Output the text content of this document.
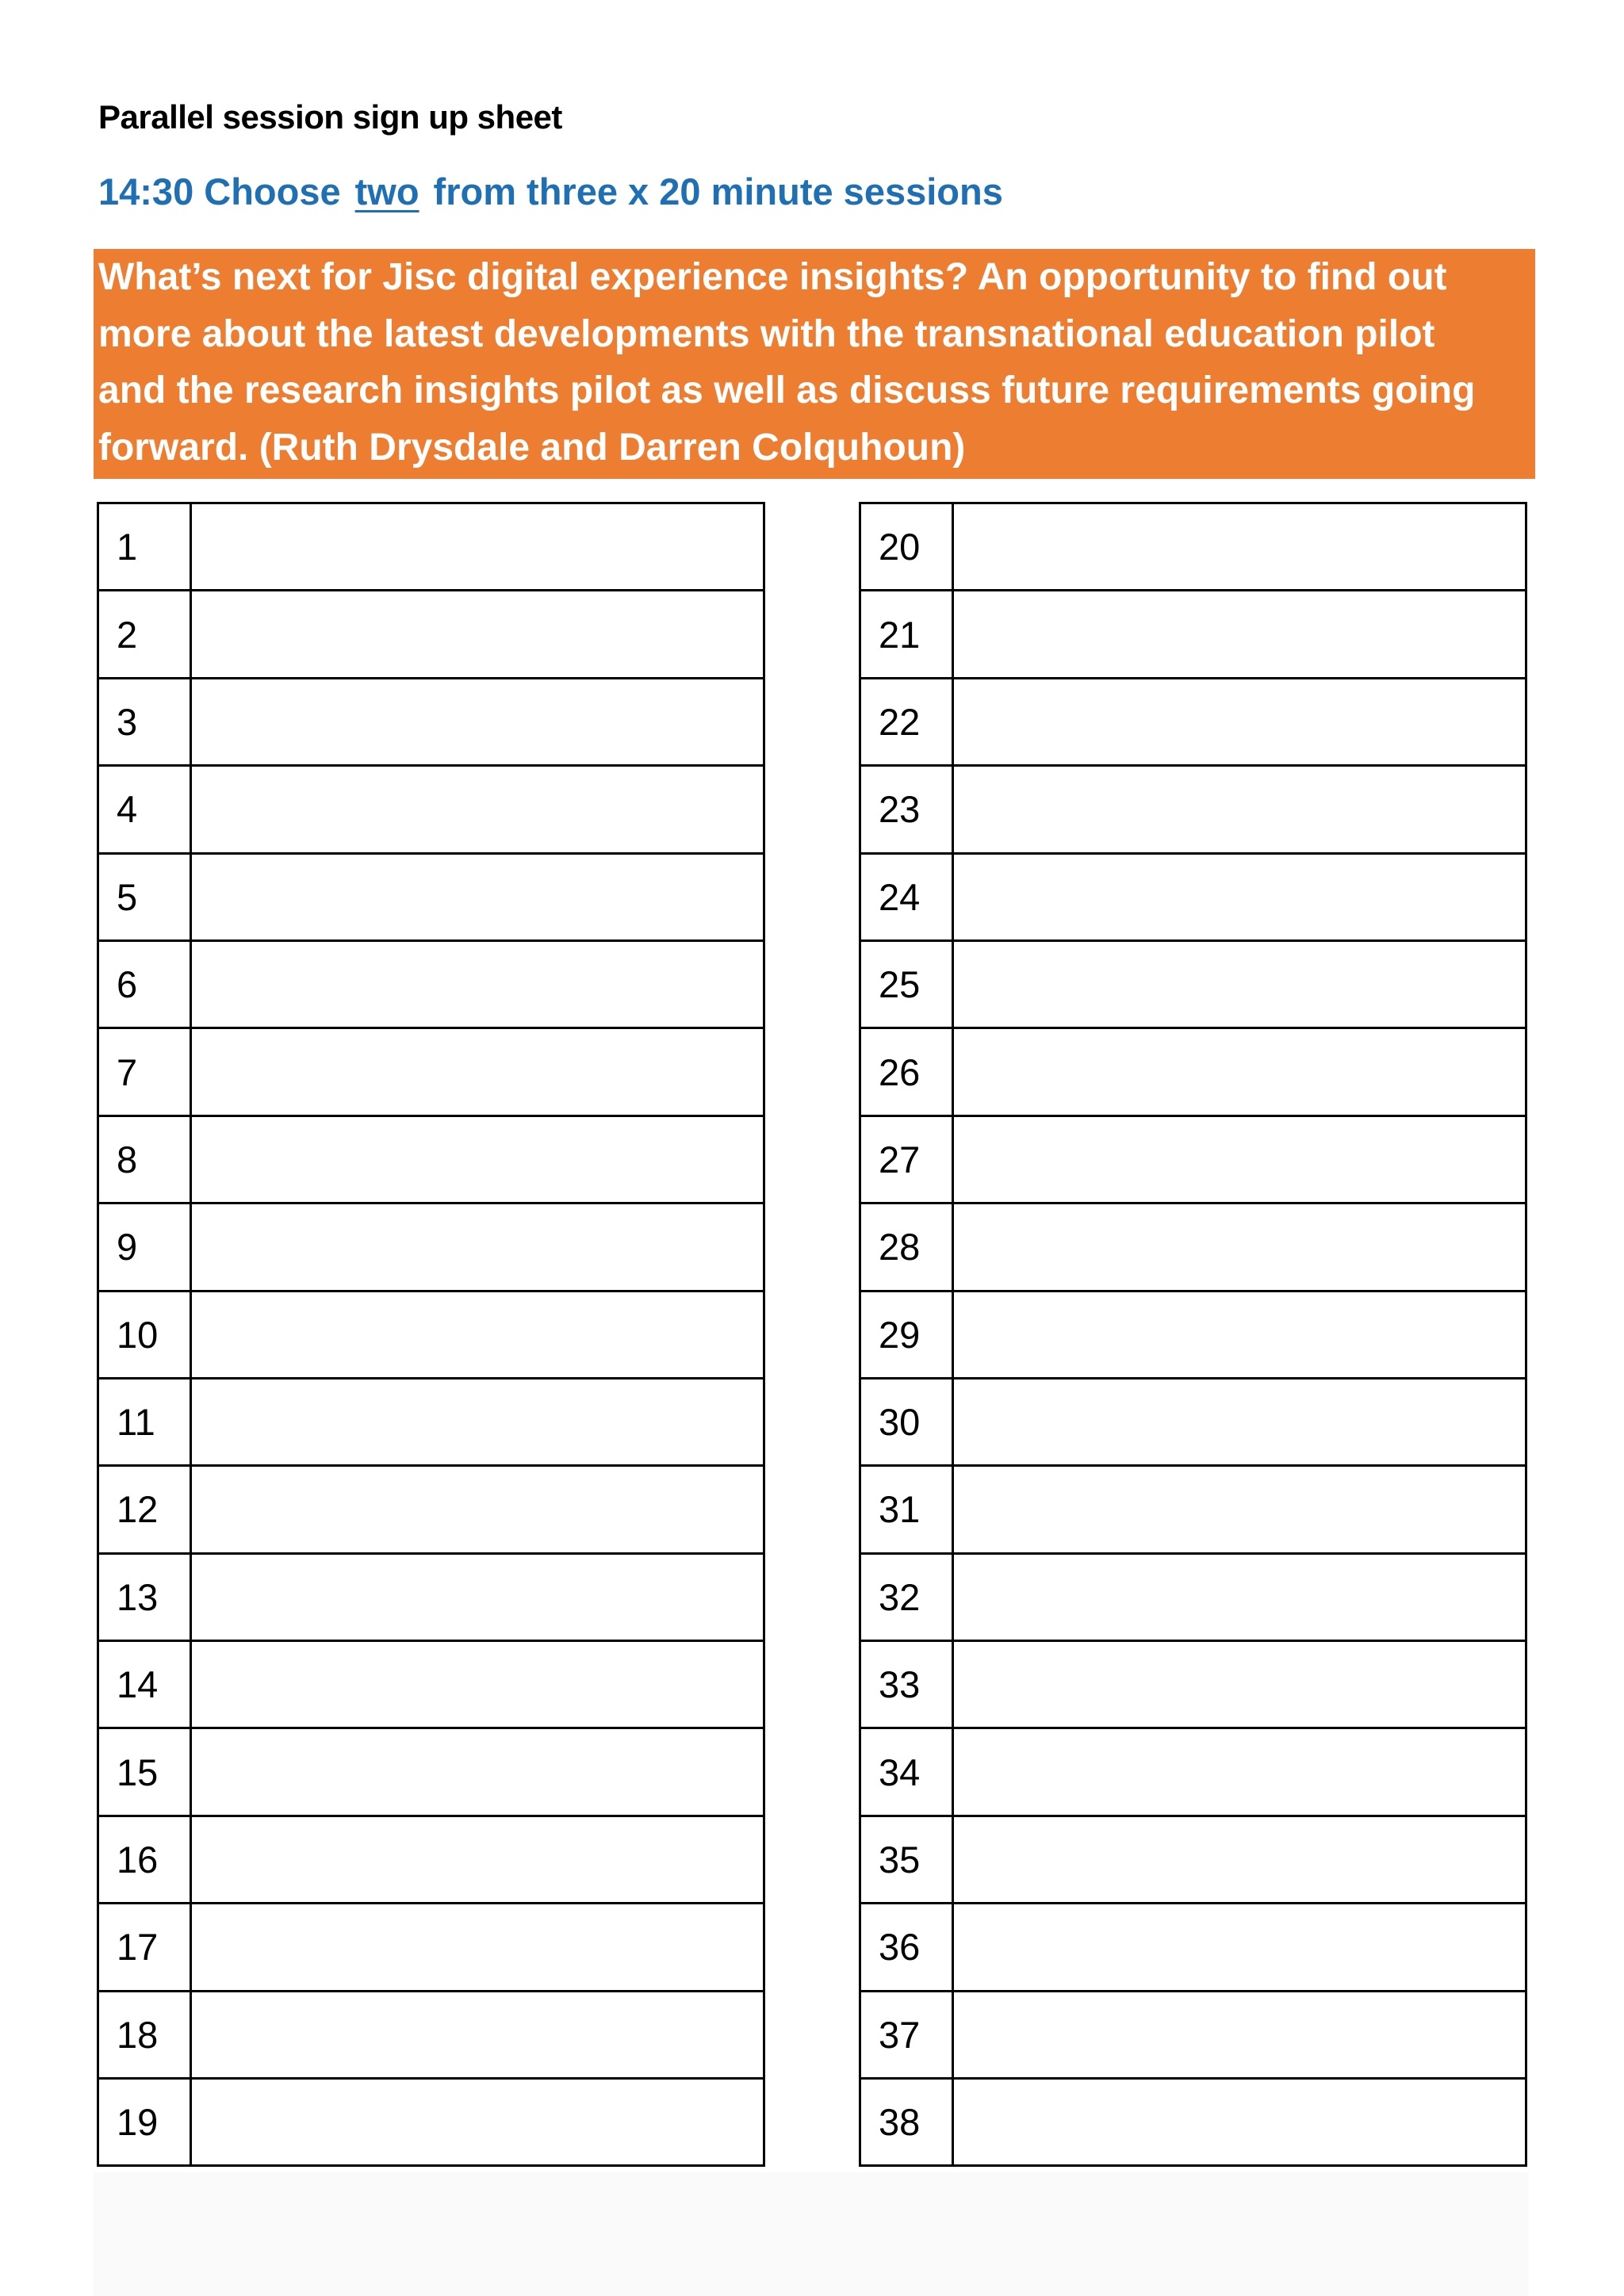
Parallel session sign up sheet
14:30 Choose two from three x 20 minute sessions
What’s next for Jisc digital experience insights? An opportunity to find out
more about the latest developments with the transnational education pilot
and the research insights pilot as well as discuss future requirements going
forward. (Ruth Drysdale and Darren Colquhoun)
1	
2	
3	
4	
5	
6	
7	
8	
9	
10	
11	
12	
13	
14	
15	
16	
17	
18	
19	
20	
21	
22	
23	
24	
25	
26	
27	
28	
29	
30	
31	
32	
33	
34	
35	
36	
37	
38	
